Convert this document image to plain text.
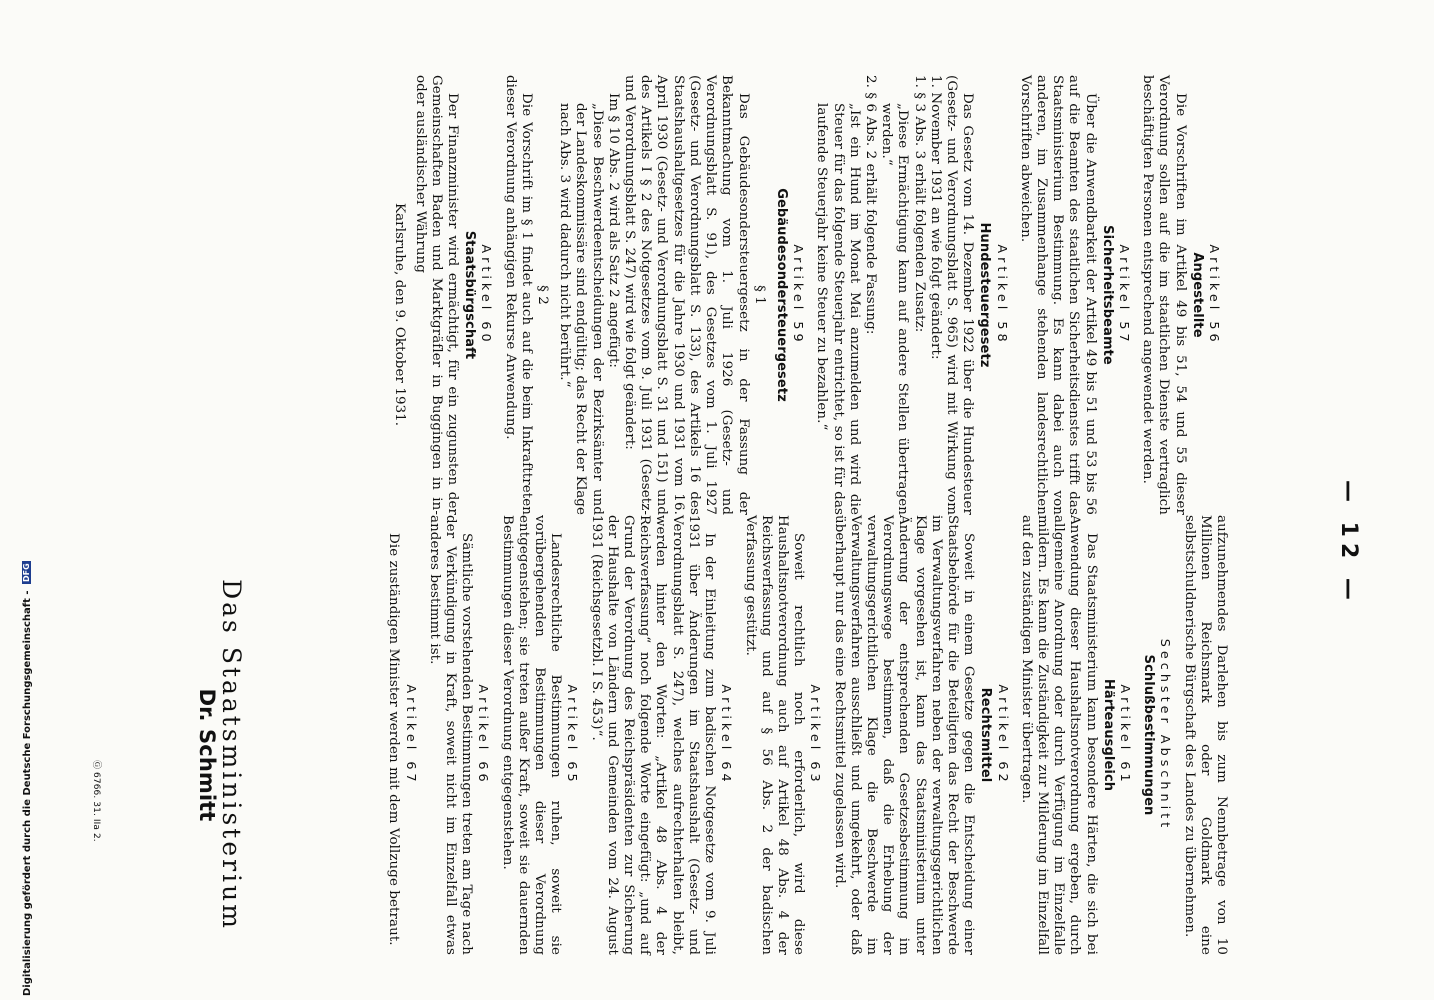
— 12 —
Artikel 56
Angestellte

Die Vorschriften im Artikel 49 bis 51, 54 und 55 dieser Verordnung sollen auf die im staatlichen Dienste vertraglich beschäftigten Personen entsprechend angewendet werden.

Artikel 57
Sicherheitsbeamte

Über die Anwendbarkeit der Artikel 49 bis 51 und 53 bis 56 auf die Beamten des staatlichen Sicherheitsdienstes trifft das Staatsministerium Bestimmung. Es kann dabei auch von anderen, im Zusammenhange stehenden landesrechtlichen Vorschriften abweichen.

Artikel 58
Hundesteuergesetz

Das Gesetz vom 14. Dezember 1922 über die Hundesteuer (Gesetz- und Verordnungsblatt S. 965) wird mit Wirkung vom 1. November 1931 an wie folgt geändert:

1. § 3 Abs. 3 erhält folgenden Zusatz:

„Diese Ermächtigung kann auf andere Stellen übertragen werden.“

2. § 6 Abs. 2 erhält folgende Fassung:

„Ist ein Hund im Monat Mai anzumelden und wird die Steuer für das folgende Steuerjahr entrichtet, so ist für das laufende Steuerjahr keine Steuer zu bezahlen.“

Artikel 59
Gebäudesondersteuergesetz
§ 1

Das Gebäudesondersteuergesetz in der Fassung der Bekanntmachung vom 1. Juli 1926 (Gesetz- und Verordnungsblatt S. 91), des Gesetzes vom 1. Juli 1927 (Gesetz- und Verordnungsblatt S. 133), des Artikels 16 des Staatshaushaltgesetzes für die Jahre 1930 und 1931 vom 16. April 1930 (Gesetz- und Verordnungsblatt S. 31 und 151) und des Artikels I § 2 des Notgesetzes vom 9. Juli 1931 (Gesetz- und Verordnungsblatt S. 247) wird wie folgt geändert:

Im § 10 Abs. 2 wird als Satz 2 angefügt:

„Diese Beschwerdeentscheidungen der Bezirksämter und der Landeskommissäre sind endgültig; das Recht der Klage nach Abs. 3 wird dadurch nicht berührt.“

§ 2

Die Vorschrift im § 1 findet auch auf die beim Inkrafttreten dieser Verordnung anhängigen Rekurse Anwendung.

Artikel 60
Staatsbürgschaft

Der Finanzminister wird ermächtigt, für ein zugunsten der Gemeinschaften Baden und Marktgräfler in Buggingen in in- oder ausländischer Währung

Karlsruhe, den 9. Oktober 1931.

aufzunehmendes Darlehen bis zum Nennbetrage von 10 Millionen Reichsmark oder Goldmark eine selbstschuldnerische Bürgschaft des Landes zu übernehmen.

Sechster Abschnitt
Schlußbestimmungen
Artikel 61
Härteausgleich

Das Staatsministerium kann besondere Härten, die sich bei Anwendung dieser Haushaltsnotverordnung ergeben, durch allgemeine Anordnung oder durch Verfügung im Einzelfalle mildern. Es kann die Zuständigkeit zur Milderung im Einzelfall auf den zuständigen Minister übertragen.

Artikel 62
Rechtsmittel

Soweit in einem Gesetze gegen die Entscheidung einer Staatsbehörde für die Beteiligten das Recht der Beschwerde im Verwaltungsverfahren neben der verwaltungsgerichtlichen Klage vorgesehen ist, kann das Staatsministerium unter Änderung der entsprechenden Gesetzesbestimmung im Verordnungswege bestimmen, daß die Erhebung der verwaltungsgerichtlichen Klage die Beschwerde im Verwaltungsverfahren ausschließt und umgekehrt, oder daß überhaupt nur das eine Rechtsmittel zugelassen wird.

Artikel 63

Soweit rechtlich noch erforderlich, wird diese Haushaltsnotverordnung auch auf Artikel 48 Abs. 4 der Reichsverfassung und auf § 56 Abs. 2 der badischen Verfassung gestützt.

Artikel 64

In der Einleitung zum badischen Notgesetze vom 9. Juli 1931 über Änderungen im Staatshaushalt (Gesetz- und Verordnungsblatt S. 247), welches aufrechterhalten bleibt, werden hinter den Worten: „Artikel 48 Abs. 4 der Reichsverfassung“ noch folgende Worte eingefügt: „und auf Grund der Verordnung des Reichspräsidenten zur Sicherung der Haushalte von Ländern und Gemeinden vom 24. August 1931 (Reichsgesetzbl. I S. 453)“.

Artikel 65

Landesrechtliche Bestimmungen ruhen, soweit sie vorübergehenden Bestimmungen dieser Verordnung entgegenstehen; sie treten außer Kraft, soweit sie dauernden Bestimmungen dieser Verordnung entgegenstehen.

Artikel 66

Sämtliche vorstehenden Bestimmungen treten am Tage nach der Verkündigung in Kraft, soweit nicht im Einzelfall etwas anderes bestimmt ist.

Artikel 67

Die zuständigen Minister werden mit dem Vollzuge betraut.

Das Staatsministerium
Dr. Schmitt
Ⓖ 6766. 31. IIa 2.
Digitalisierung gefördert durch die Deutsche Forschungsgemeinschaft - DFG
